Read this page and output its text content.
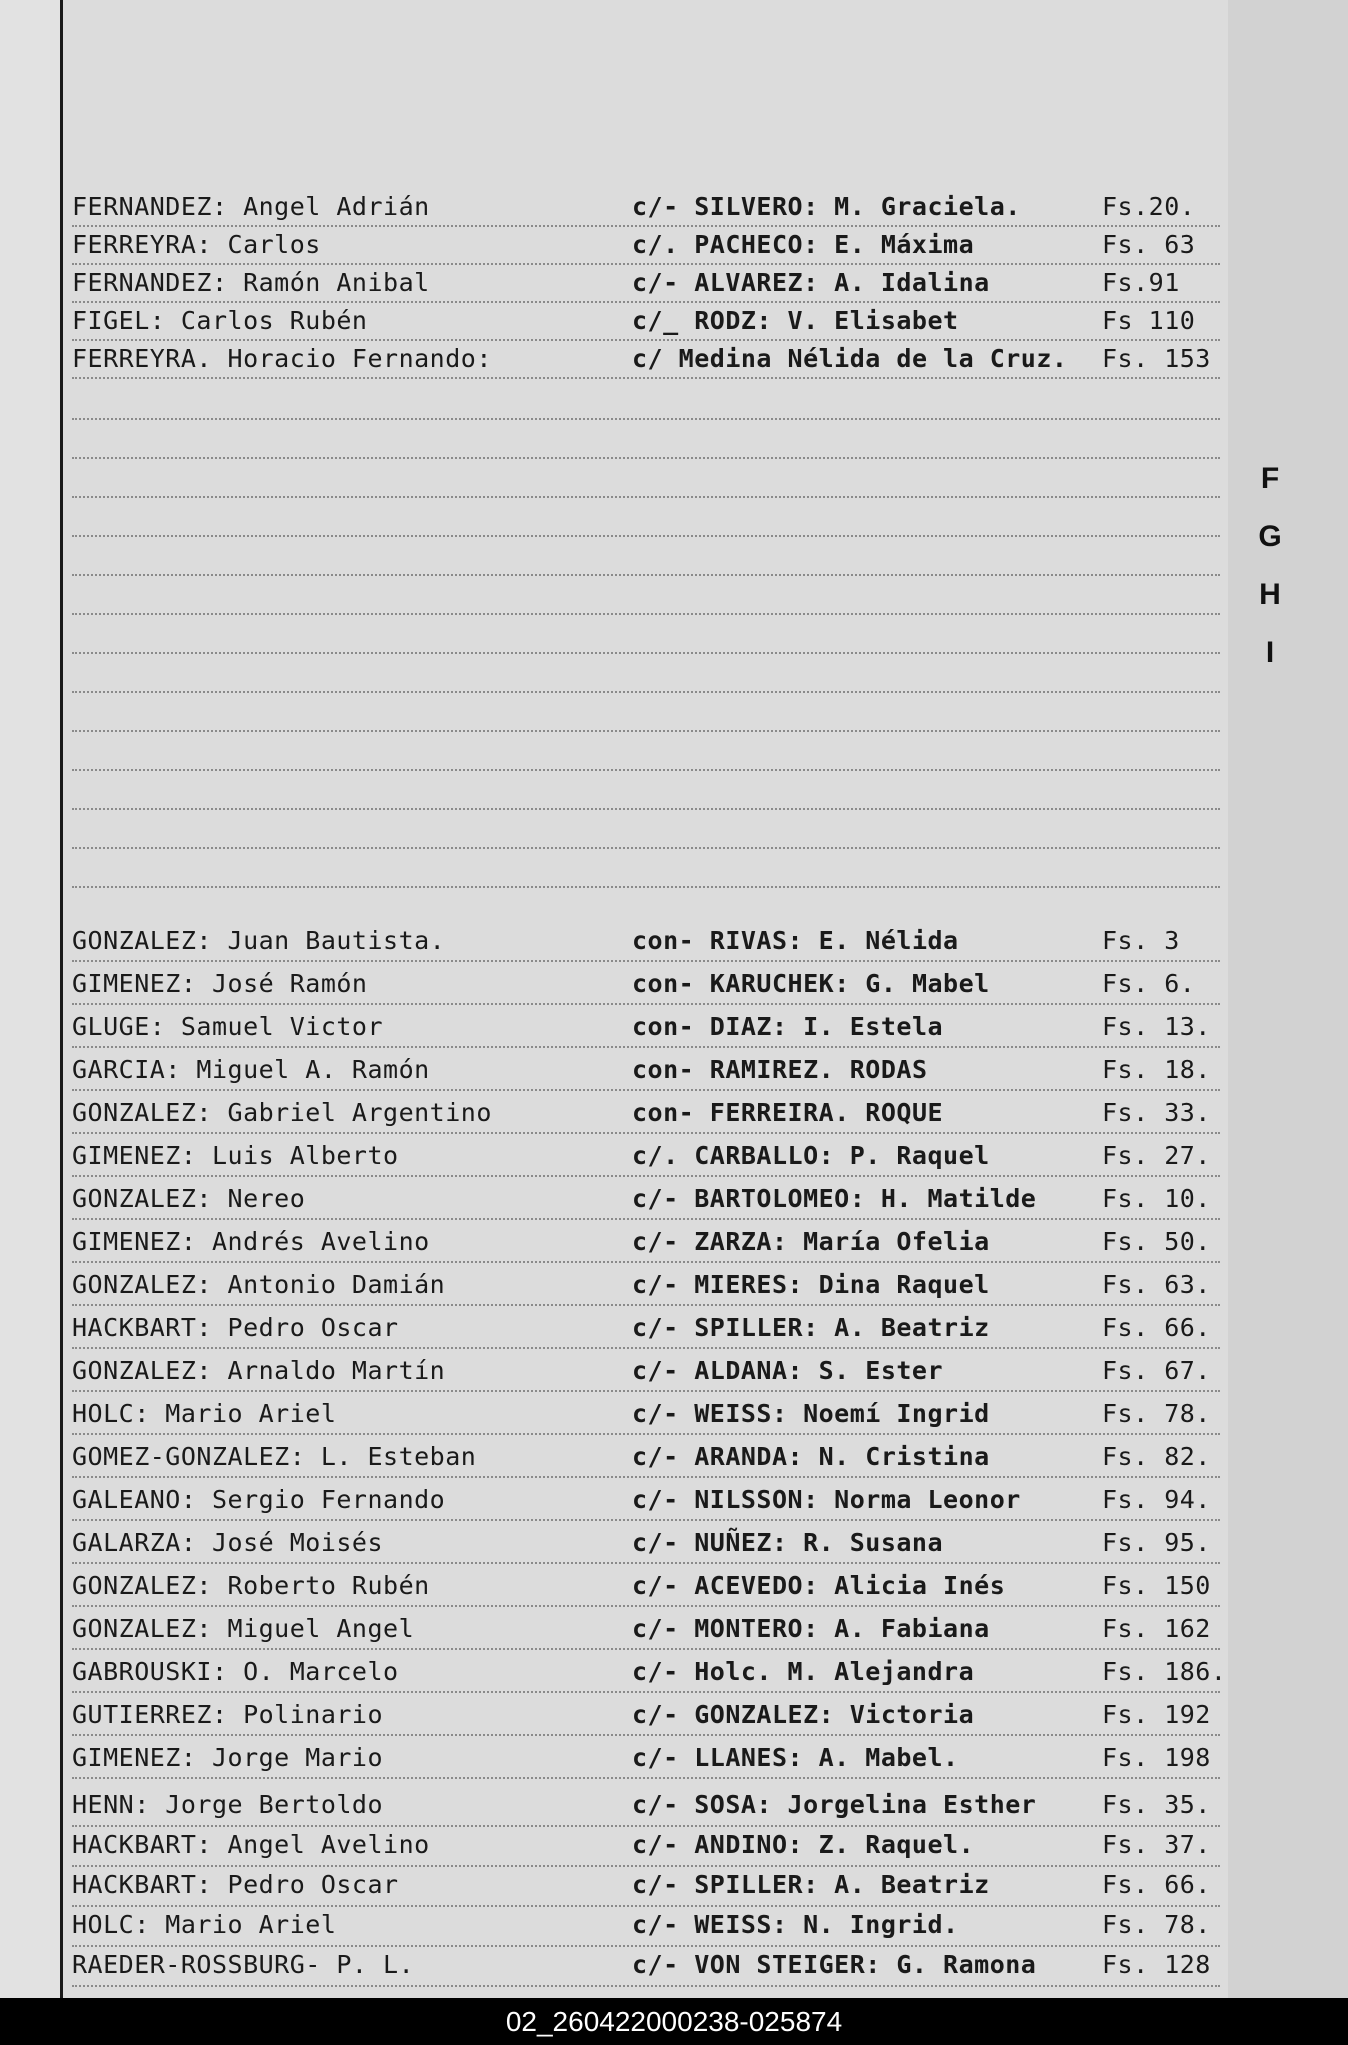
F
G
H
I
FERNANDEZ: Angel Adrián	c/- SILVERO: M. Graciela.	Fs.20.
FERREYRA: Carlos	c/. PACHECO: E. Máxima	Fs. 63
FERNANDEZ: Ramón Anibal	c/- ALVAREZ: A. Idalina	Fs.91
FIGEL: Carlos Rubén	c/_ RODZ: V. Elisabet	Fs 110
FERREYRA. Horacio Fernando:	c/ Medina Nélida de la Cruz. Fs. 153
GONZALEZ: Juan Bautista.	con- RIVAS: E. Nélida	Fs. 3
GIMENEZ: José Ramón	con- KARUCHEK: G. Mabel	Fs. 6.
GLUGE: Samuel Victor	con- DIAZ: I. Estela	Fs. 13.
GARCIA: Miguel A. Ramón	con- RAMIREZ. RODAS	Fs. 18.
GONZALEZ: Gabriel Argentino	con- FERREIRA. ROQUE	Fs. 33.
GIMENEZ: Luis Alberto	c/. CARBALLO: P. Raquel	Fs. 27.
GONZALEZ: Nereo	c/- BARTOLOMEO: H. Matilde	Fs. 10.
GIMENEZ: Andrés Avelino	c/- ZARZA: María Ofelia	Fs. 50.
GONZALEZ: Antonio Damián	c/- MIERES: Dina Raquel	Fs. 63.
HACKBART: Pedro Oscar	c/- SPILLER: A. Beatriz	Fs. 66.
GONZALEZ: Arnaldo Martín	c/- ALDANA: S. Ester	Fs. 67.
HOLC: Mario Ariel	c/- WEISS: Noemí Ingrid	Fs. 78.
GOMEZ-GONZALEZ: L. Esteban	c/- ARANDA: N. Cristina	Fs. 82.
GALEANO: Sergio Fernando	c/- NILSSON: Norma Leonor	Fs. 94.
GALARZA: José Moisés	c/- NUÑEZ: R. Susana	Fs. 95.
GONZALEZ: Roberto Rubén	c/- ACEVEDO: Alicia Inés	Fs. 150
GONZALEZ: Miguel Angel	c/- MONTERO: A. Fabiana	Fs. 162
GABROUSKI: O. Marcelo	c/- Holc. M. Alejandra	Fs. 186.
GUTIERREZ: Polinario	c/- GONZALEZ: Victoria	Fs. 192
GIMENEZ: Jorge Mario	c/- LLANES: A. Mabel.	Fs. 198
HENN: Jorge Bertoldo	c/- SOSA: Jorgelina Esther	Fs. 35.
HACKBART: Angel Avelino	c/- ANDINO: Z. Raquel.	Fs. 37.
HACKBART: Pedro Oscar	c/- SPILLER: A. Beatriz	Fs. 66.
HOLC: Mario Ariel	c/- WEISS: N. Ingrid.	Fs. 78.
RAEDER-ROSSBURG- P. L.	c/- VON STEIGER: G. Ramona	Fs. 128
02_260422000238-025874
